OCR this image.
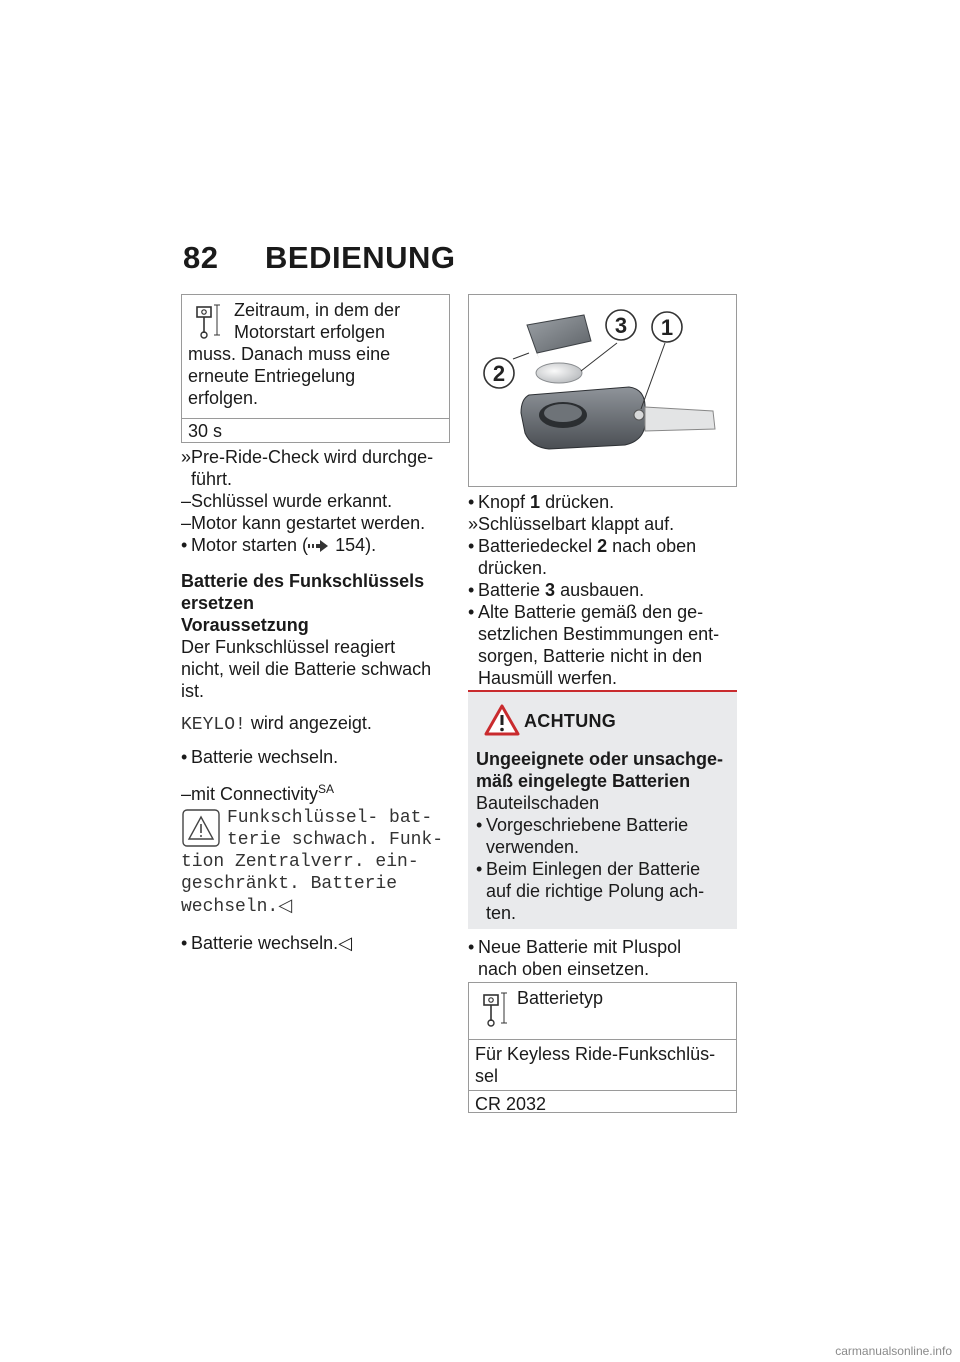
82 BEDIENUNG

Zeitraum, in dem der

Motorstart erfolgen

muss. Danach muss eine

erneute Entriegelung

erfolgen.

30 s

»Pre-Ride-Check wird durchge-

führt.

–Schlüssel wurde erkannt.

–Motor kann gestartet werden.

• Motor starten ( 154).

Batterie des Funkschlüssels

ersetzen

Voraussetzung

Der Funkschlüssel reagiert

nicht, weil die Batterie schwach

ist.

KEYLO! wird angezeigt.

• Batterie wechseln.

–mit Connectivity$^{SA}$

Funkschlüssel- bat-

terie schwach. Funk-

tion Zentralverr. ein-

geschränkt. Batterie

wechseln.◁

• Batterie wechseln.◁

3 1
2

• Knopf 1 drücken.

»Schlüsselbart klappt auf.

• Batteriedeckel 2 nach oben

drücken.

• Batterie 3 ausbauen.

• Alte Batterie gemäß den ge-

setzlichen Bestimmungen ent-

sorgen, Batterie nicht in den

Hausmüll werfen.

ACHTUNG

Ungeeignete oder unsachge-

mäß eingelegte Batterien

Bauteilschaden

• Vorgeschriebene Batterie

verwenden.

• Beim Einlegen der Batterie

auf die richtige Polung ach-

ten.

• Neue Batterie mit Pluspol

nach oben einsetzen.

Batterietyp

Für Keyless Ride-Funkschlüs-

sel

CR 2032
carmanualsonline.info
